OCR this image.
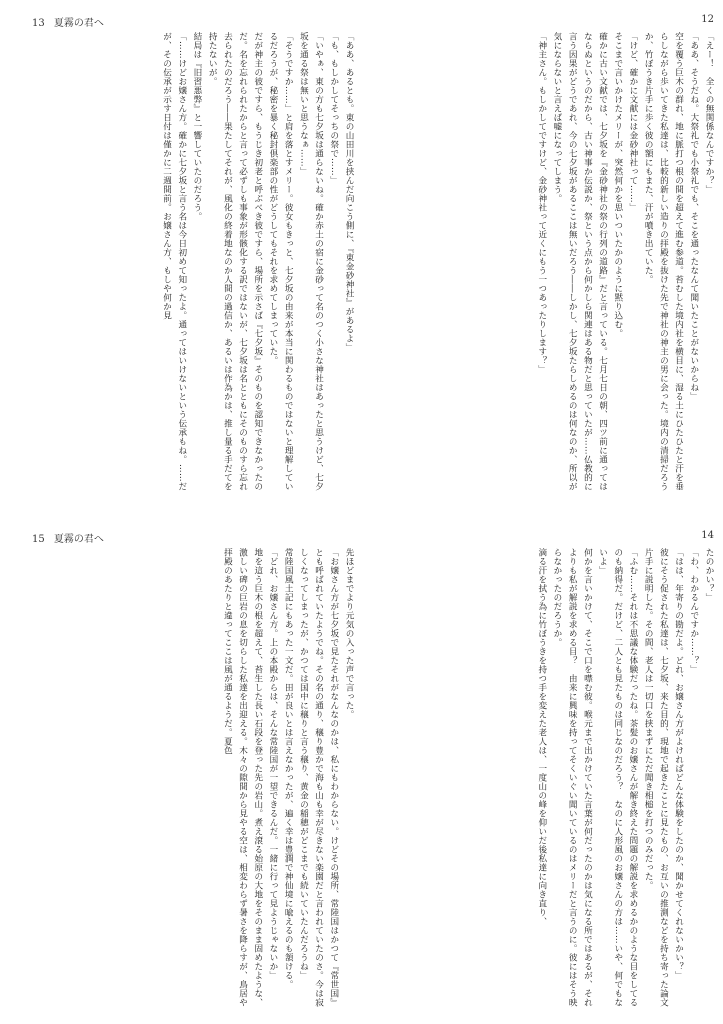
13 夏霧の君へ

「ああ、あるとも。東の山田川を挟んだ向こう側に、『東金砂神社』があるよ」

「も、もしかしてそっちの祭で……」

「いやぁ、東の方も七夕坂は通らないね。確か赤土の宿に金砂って名のつく小さな神社はあったと思うけど、七夕坂を通る祭は無いと思うなぁ……」

「そうですか……」と肩を落とすメリー。彼女もきっと、七夕坂の由来が本当に関わるものではないと理解しているだろうが、秘密を暴く秘封倶楽部の性がどうしてもそれを求めてしまっていた。

だが神主の彼ですら、もうじき初老と呼ぶべき彼ですら、場所を示さば『七夕坂』そのものを認知できなかったのだ。名を忘れられたからと言って必ずしも事象が形骸化する訳ではないが、七夕坂は名とともにそのものすら忘れ去られたのだろう――果たしてそれが、風化の終着地なのか人間の過信か、あるいは作為かは、推し量る手だてを持たないが。

結局は『旧習悪弊』と一響していたのだろう。

「……けどお嬢さん方。確かに七夕坂と言う名は今日初めて知ったよ。通ってはいけないという伝承もね。……だが、その伝承が示す日付は僅かに二週間前。お嬢さん方、もしや何か見

12

「えー！　全くの無関係なんですか？」

「ああ、そうだね。大祭礼でも小祭礼でも、そこを通ったなんて聞いたことがないからね」

空を覆う巨木の群れ、地に脈打つ根の間を超えて進む参道。苔むした境内社を横目に、湿る土にひたひたと汗を垂らしながら歩いてきた私達は、比較的新しい造りの拝殿を抜けた先で神社の神主の男に会った。境内の清掃だろうか、竹ぼうき片手に歩く彼の額にもまた、汗が噴き出ていた。

「けど、確かに文献には金砂神社って……」

そこまで言いかけたメリーが、突然何かを思いついたかのように黙り込む。

確かに古い文献では、七夕坂を『金砂神社の祭の行列の道路』だと言っている。七月七日の朝、四ツ前に通ってはならぬというのだから、古い神事か伝説か、祭という点から何かしら関連はある物だと思っていたが……仏教的に言う因果がどうであれ、今の七夕坂があるここは無いだろう――しかし、七夕坂たらしめるのは何なのか、所以が気にならないと言えば嘘になってしまう。

「神主さん。もしかしてですけど、金砂神社って近くにもう一つあったりします？」

15 夏霧の君へ

先ほどまでより元気の入った声で言った。

「お嬢さん方が七夕坂で見たそれがなんなのかは、私にもわからない。けどその場所、常陸国はかつて『常世国』とも呼ばれていたようでね。その名の通り、穣り豊かで海も山も幸が尽きない楽園だと言われていたのさ。今は寂しくなってしまったが、かつては国中に穣りと言う穣り、黄金の稲穂がどこまでも続いていたんだろうね」

常陸国風土記にもあった一文だ。田が良いとは言えなかったが、遍く幸は豊潤で神仙境に喩えるのも頷ける。

「どれ、お嬢さん方。上の本殿からは、そんな常陸国が一望できるんだ。一緒に行って見ようじゃないか」

地を這う巨木の根を超えて、苔生した長い石段を登った先の岩山。煮え滾る始原の大地をそのまま固めたような、激しい碑の巨岩の息を切らした私達を出迎える。木々の隙間から見やる空は、相変わらず暑さを降らすが、鳥居や拝殿のあたりと違ってここは風が通るようだ。夏色

14

たのかい？」

「わ、わかるんですか……？」

「はは、年寄りの勘だよ。どれ、お嬢さん方がよければどんな体験をしたのか、聞かせてくれないかい？」

彼にそう促された私達は、七夕坂、来た目的、現地で起きたことに見たもの、お互いの推測などを持ち寄った論文片手に説明した。その間、老人は一切口を挟まずにただ聞き相槌を打つのみだった。

「ふむ……それは不思議な体験だったね。茶髪のお嬢さんが解き終えた問題の解説を求めるかのような目をしてるのも納得だ。だけど、二人とも見たものは同じなのだろう？　なのに人形風のお嬢さんの方は……いや、何でもないよ」

何かを言いかけて、そこで口を噤む彼。喉元まで出かけていた言葉が何だったのかは気になる所ではあるが、それよりも私が解説を求める目？　由来に興味を持ってそくいぐい聞いているのはメリーだと言うのに。彼にはそう映らなかったのだろうか。

滴る汗を拭う為に竹ぼうきを持つ手を変えた老人は、一度山の峰を仰いだ後私達に向き直り、
